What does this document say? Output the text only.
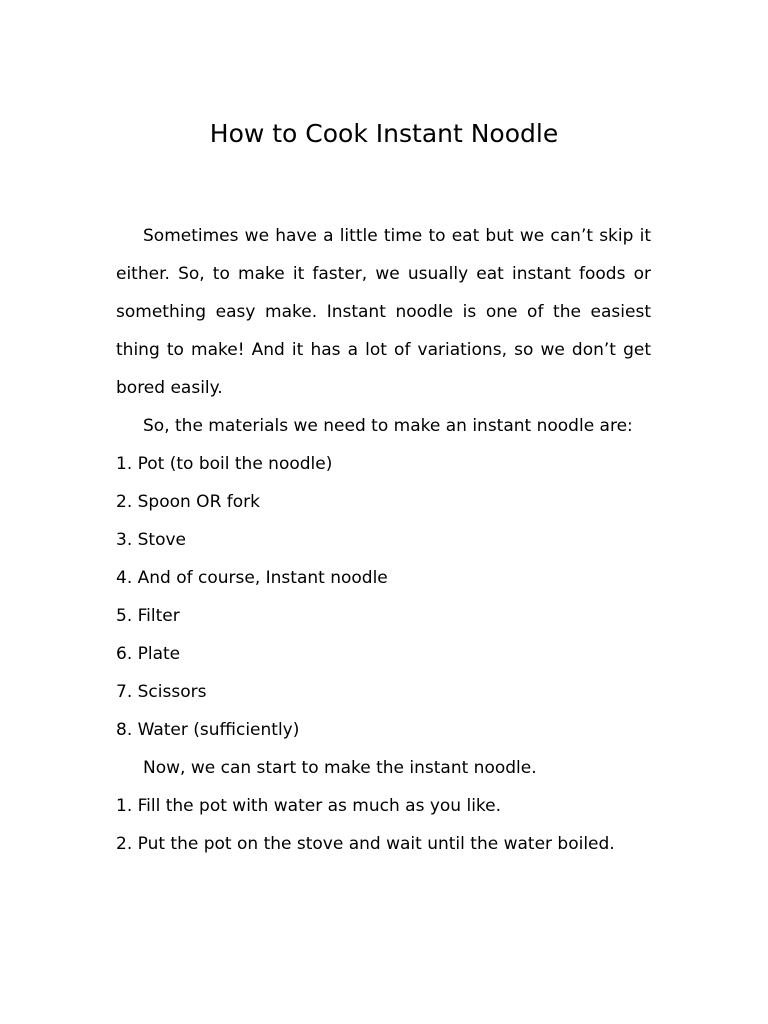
How to Cook Instant Noodle

Sometimes we have a little time to eat but we can’t skip it either. So, to make it faster, we usually eat instant foods or something easy make. Instant noodle is one of the easiest thing to make! And it has a lot of variations, so we don’t get bored easily.

So, the materials we need to make an instant noodle are:

1. Pot (to boil the noodle)
2. Spoon OR fork
3. Stove
4. And of course, Instant noodle
5. Filter
6. Plate
7. Scissors
8. Water (sufficiently)

Now, we can start to make the instant noodle.

1. Fill the pot with water as much as you like.
2. Put the pot on the stove and wait until the water boiled.
